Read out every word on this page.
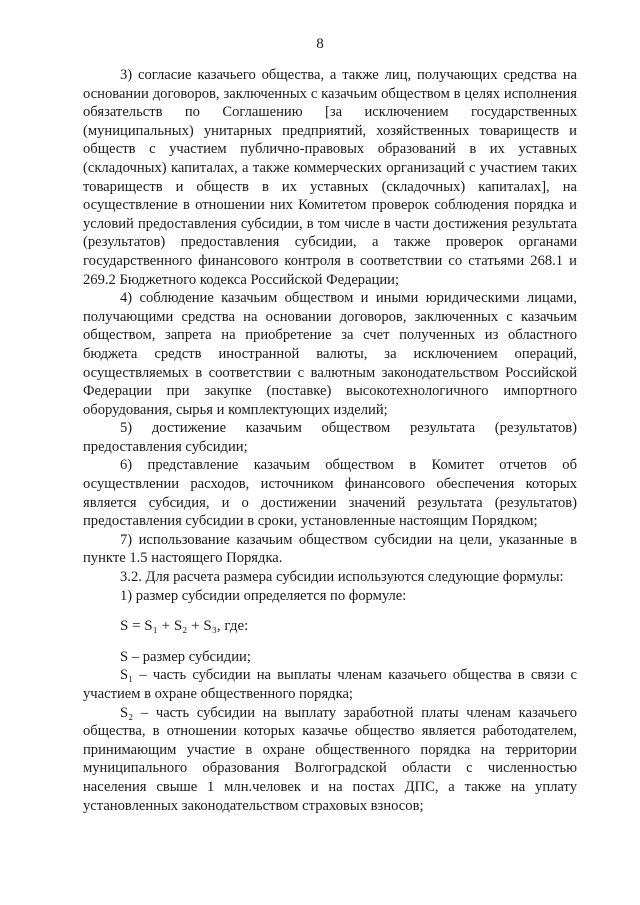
8

3) согласие казачьего общества, а также лиц, получающих средства на основании договоров, заключенных с казачьим обществом в целях исполнения обязательств по Соглашению [за исключением государственных (муниципальных) унитарных предприятий, хозяйственных товариществ и обществ с участием публично-правовых образований в их уставных (складочных) капиталах, а также коммерческих организаций с участием таких товариществ и обществ в их уставных (складочных) капиталах], на осуществление в отношении них Комитетом проверок соблюдения порядка и условий предоставления субсидии, в том числе в части достижения результата (результатов) предоставления субсидии, а также проверок органами государственного финансового контроля в соответствии со статьями 268.1 и 269.2 Бюджетного кодекса Российской Федерации;

4) соблюдение казачьим обществом и иными юридическими лицами, получающими средства на основании договоров, заключенных с казачьим обществом, запрета на приобретение за счет полученных из областного бюджета средств иностранной валюты, за исключением операций, осуществляемых в соответствии с валютным законодательством Российской Федерации при закупке (поставке) высокотехнологичного импортного оборудования, сырья и комплектующих изделий;

5) достижение казачьим обществом результата (результатов) предоставления субсидии;

6) представление казачьим обществом в Комитет отчетов об осуществлении расходов, источником финансового обеспечения которых является субсидия, и о достижении значений результата (результатов) предоставления субсидии в сроки, установленные настоящим Порядком;

7) использование казачьим обществом субсидии на цели, указанные в пункте 1.5 настоящего Порядка.

3.2. Для расчета размера субсидии используются следующие формулы:

1) размер субсидии определяется по формуле:

S = S₁ + S₂ + S₃, где:

S – размер субсидии;

S₁ – часть субсидии на выплаты членам казачьего общества в связи с участием в охране общественного порядка;

S₂ – часть субсидии на выплату заработной платы членам казачьего общества, в отношении которых казачье общество является работодателем, принимающим участие в охране общественного порядка на территории муниципального образования Волгоградской области с численностью населения свыше 1 млн.человек и на постах ДПС, а также на уплату установленных законодательством страховых взносов;
